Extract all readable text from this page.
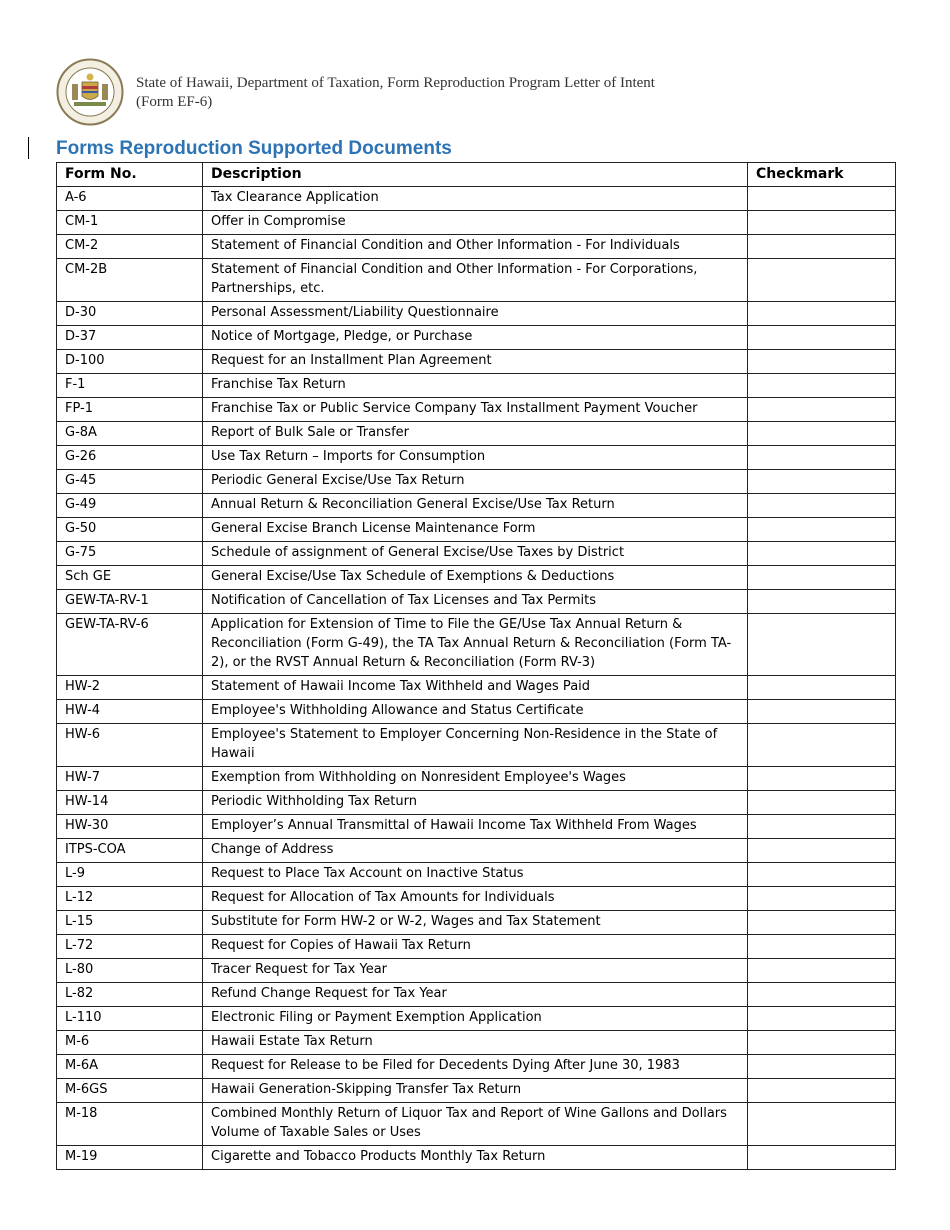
State of Hawaii, Department of Taxation, Form Reproduction Program Letter of Intent
(Form EF-6)
Forms Reproduction Supported Documents
Form No.	Description	Checkmark
A-6	Tax Clearance Application	
CM-1	Offer in Compromise	
CM-2	Statement of Financial Condition and Other Information - For Individuals	
CM-2B	Statement of Financial Condition and Other Information - For Corporations, Partnerships, etc.	
D-30	Personal Assessment/Liability Questionnaire	
D-37	Notice of Mortgage, Pledge, or Purchase	
D-100	Request for an Installment Plan Agreement	
F-1	Franchise Tax Return	
FP-1	Franchise Tax or Public Service Company Tax Installment Payment Voucher	
G-8A	Report of Bulk Sale or Transfer	
G-26	Use Tax Return – Imports for Consumption	
G-45	Periodic General Excise/Use Tax Return	
G-49	Annual Return & Reconciliation General Excise/Use Tax Return	
G-50	General Excise Branch License Maintenance Form	
G-75	Schedule of assignment of General Excise/Use Taxes by District	
Sch GE	General Excise/Use Tax Schedule of Exemptions & Deductions	
GEW-TA-RV-1	Notification of Cancellation of Tax Licenses and Tax Permits	
GEW-TA-RV-6	Application for Extension of Time to File the GE/Use Tax Annual Return & Reconciliation (Form G-49), the TA Tax Annual Return & Reconciliation (Form TA-2), or the RVST Annual Return & Reconciliation (Form RV-3)	
HW-2	Statement of Hawaii Income Tax Withheld and Wages Paid	
HW-4	Employee's Withholding Allowance and Status Certificate	
HW-6	Employee's Statement to Employer Concerning Non-Residence in the State of Hawaii	
HW-7	Exemption from Withholding on Nonresident Employee's Wages	
HW-14	Periodic Withholding Tax Return	
HW-30	Employer’s Annual Transmittal of Hawaii Income Tax Withheld From Wages	
ITPS-COA	Change of Address	
L-9	Request to Place Tax Account on Inactive Status	
L-12	Request for Allocation of Tax Amounts for Individuals	
L-15	Substitute for Form HW-2 or W-2, Wages and Tax Statement	
L-72	Request for Copies of Hawaii Tax Return	
L-80	Tracer Request for Tax Year	
L-82	Refund Change Request for Tax Year	
L-110	Electronic Filing or Payment Exemption Application	
M-6	Hawaii Estate Tax Return	
M-6A	Request for Release to be Filed for Decedents Dying After June 30, 1983	
M-6GS	Hawaii Generation-Skipping Transfer Tax Return	
M-18	Combined Monthly Return of Liquor Tax and Report of Wine Gallons and Dollars Volume of Taxable Sales or Uses	
M-19	Cigarette and Tobacco Products Monthly Tax Return	
